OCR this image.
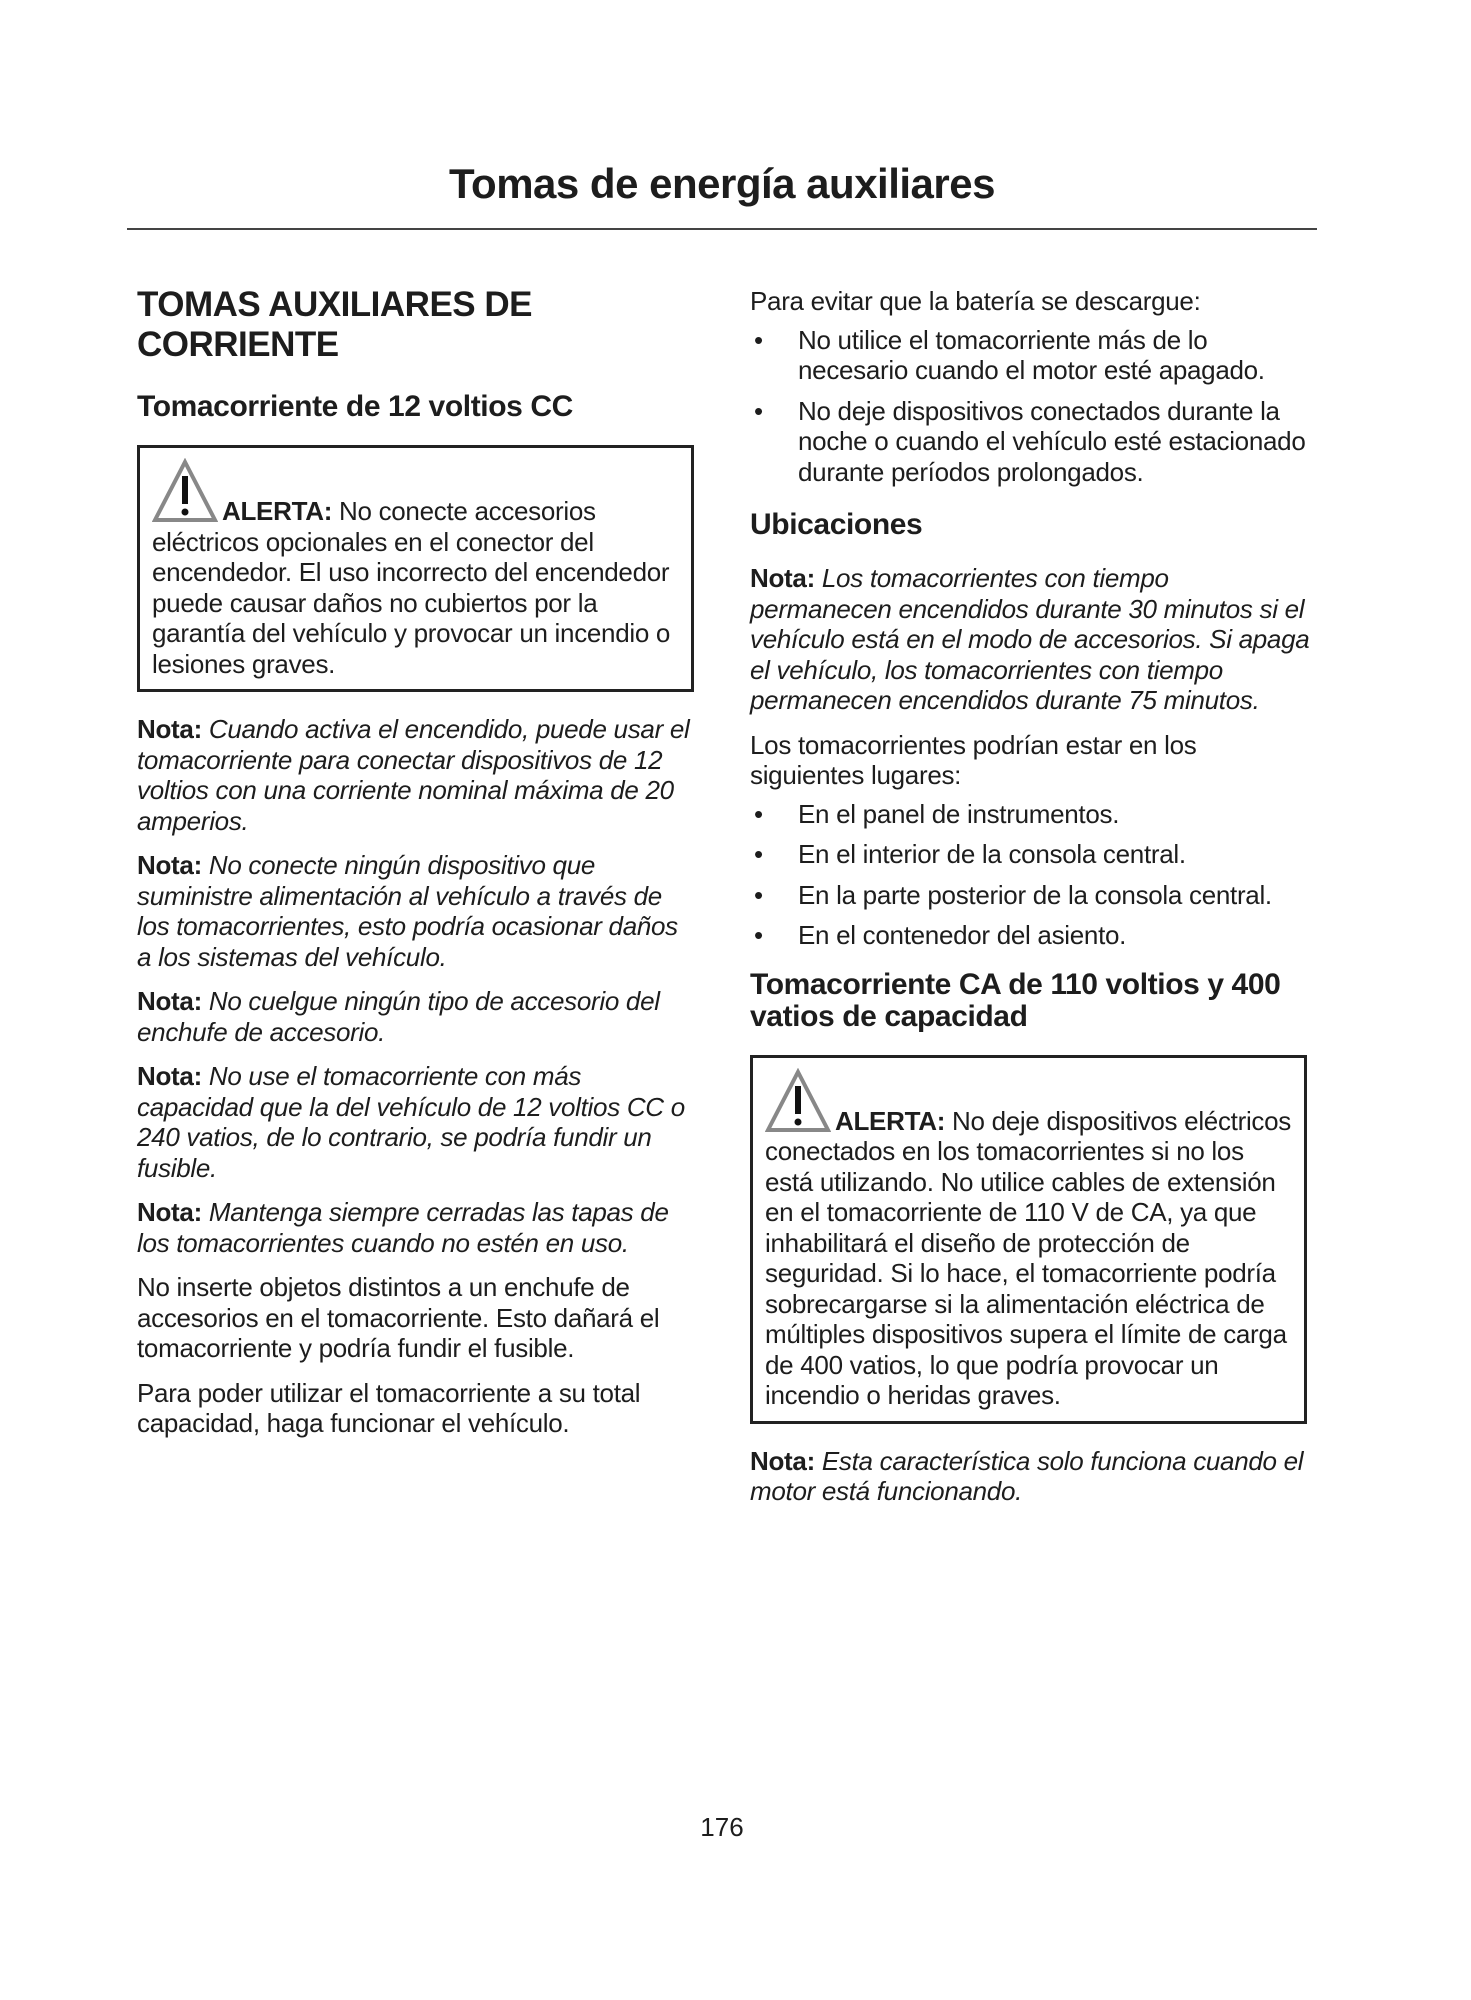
Tomas de energía auxiliares
TOMAS AUXILIARES DE CORRIENTE
Tomacorriente de 12 voltios CC
ALERTA: No conecte accesorios eléctricos opcionales en el conector del encendedor. El uso incorrecto del encendedor puede causar daños no cubiertos por la garantía del vehículo y provocar un incendio o lesiones graves.

Nota: Cuando activa el encendido, puede usar el tomacorriente para conectar dispositivos de 12 voltios con una corriente nominal máxima de 20 amperios.

Nota: No conecte ningún dispositivo que suministre alimentación al vehículo a través de los tomacorrientes, esto podría ocasionar daños a los sistemas del vehículo.

Nota: No cuelgue ningún tipo de accesorio del enchufe de accesorio.

Nota: No use el tomacorriente con más capacidad que la del vehículo de 12 voltios CC o 240 vatios, de lo contrario, se podría fundir un fusible.

Nota: Mantenga siempre cerradas las tapas de los tomacorrientes cuando no estén en uso.

No inserte objetos distintos a un enchufe de accesorios en el tomacorriente. Esto dañará el tomacorriente y podría fundir el fusible.

Para poder utilizar el tomacorriente a su total capacidad, haga funcionar el vehículo.

Para evitar que la batería se descargue:

• No utilice el tomacorriente más de lo necesario cuando el motor esté apagado.
• No deje dispositivos conectados durante la noche o cuando el vehículo esté estacionado durante períodos prolongados.
Ubicaciones

Nota: Los tomacorrientes con tiempo permanecen encendidos durante 30 minutos si el vehículo está en el modo de accesorios. Si apaga el vehículo, los tomacorrientes con tiempo permanecen encendidos durante 75 minutos.

Los tomacorrientes podrían estar en los siguientes lugares:

• En el panel de instrumentos.
• En el interior de la consola central.
• En la parte posterior de la consola central.
• En el contenedor del asiento.
Tomacorriente CA de 110 voltios y 400 vatios de capacidad
ALERTA: No deje dispositivos eléctricos conectados en los tomacorrientes si no los está utilizando. No utilice cables de extensión en el tomacorriente de 110 V de CA, ya que inhabilitará el diseño de protección de seguridad. Si lo hace, el tomacorriente podría sobrecargarse si la alimentación eléctrica de múltiples dispositivos supera el límite de carga de 400 vatios, lo que podría provocar un incendio o heridas graves.

Nota: Esta característica solo funciona cuando el motor está funcionando.

176
